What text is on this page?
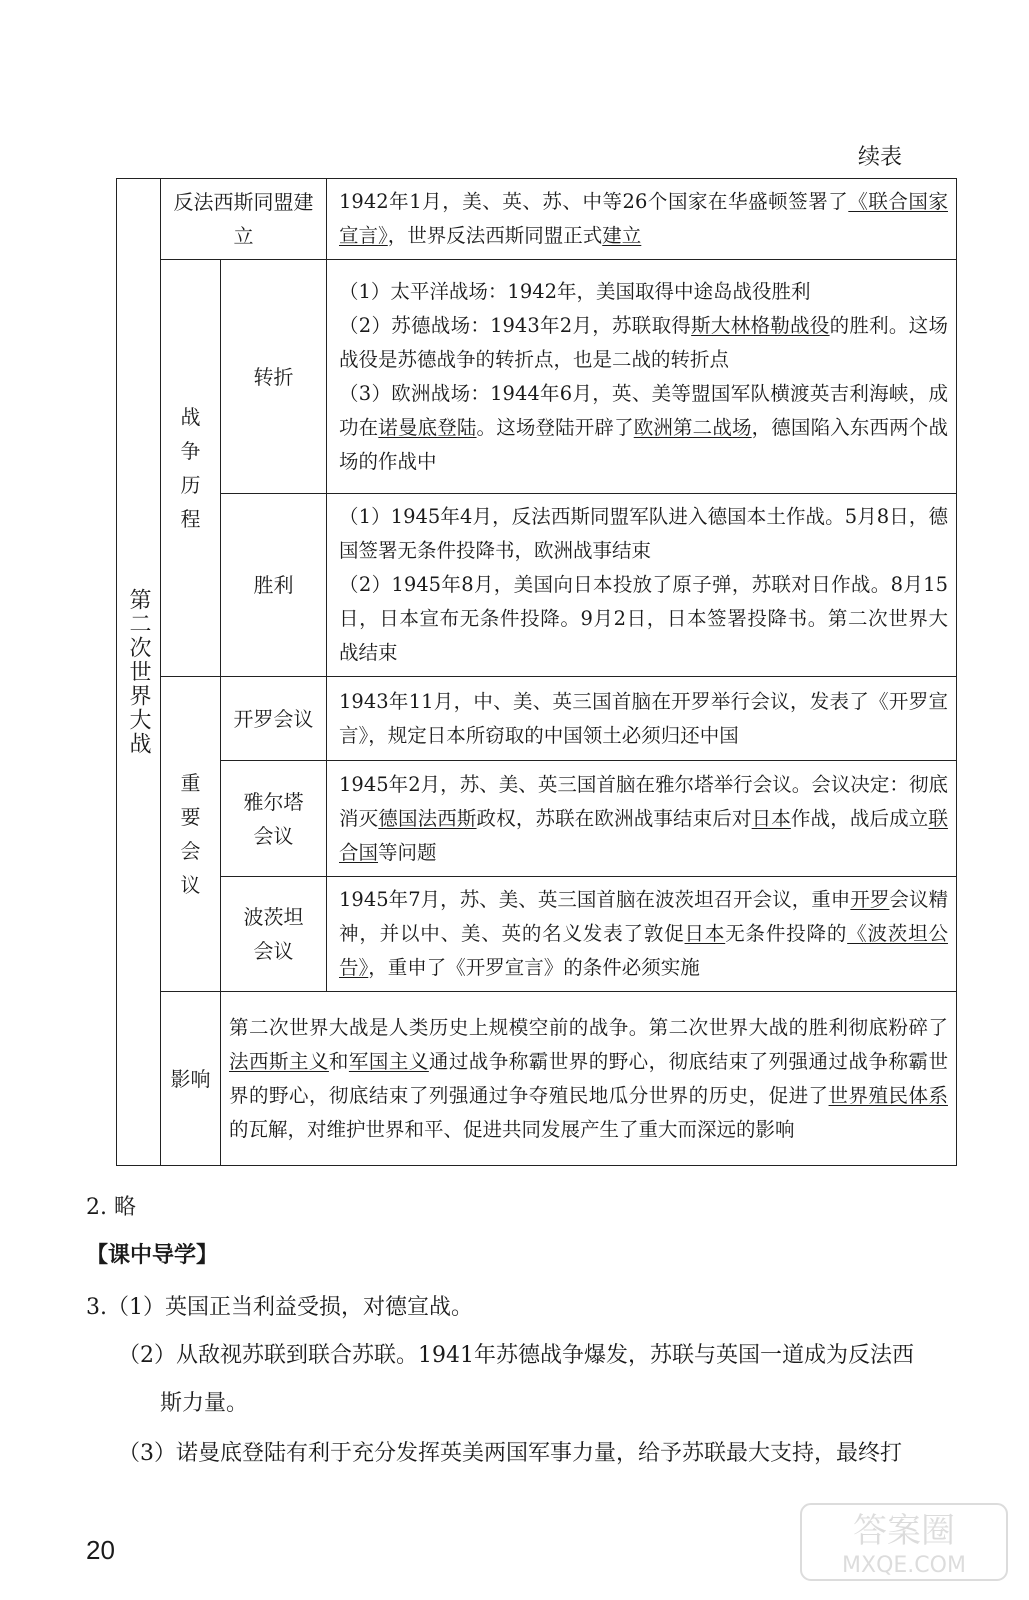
续表
第二次世界大战	反法西斯同盟建立		1942年1月，美、英、苏、中等26个国家在华盛顿签署了《联合国家宣言》，世界反法西斯同盟正式建立
	战争历程	转折	（1）太平洋战场：1942年，美国取得中途岛战役胜利

（2）苏德战场：1943年2月，苏联取得斯大林格勒战役的胜利。这场战役是苏德战争的转折点，也是二战的转折点

（3）欧洲战场：1944年6月，英、美等盟国军队横渡英吉利海峡，成功在诺曼底登陆。这场登陆开辟了欧洲第二战场，德国陷入东西两个战场的作战中

		胜利	（1）1945年4月，反法西斯同盟军队进入德国本土作战。5月8日，德国签署无条件投降书，欧洲战事结束

（2）1945年8月，美国向日本投放了原子弹，苏联对日作战。8月15日，日本宣布无条件投降。9月2日，日本签署投降书。第二次世界大战结束

	重要会议	开罗会议	1943年11月，中、美、英三国首脑在开罗举行会议，发表了《开罗宣言》，规定日本所窃取的中国领土必须归还中国
		雅尔塔会议	1945年2月，苏、美、英三国首脑在雅尔塔举行会议。会议决定：彻底消灭德国法西斯政权，苏联在欧洲战事结束后对日本作战，战后成立联合国等问题
		波茨坦会议	1945年7月，苏、美、英三国首脑在波茨坦召开会议，重申开罗会议精神，并以中、美、英的名义发表了敦促日本无条件投降的《波茨坦公告》，重申了《开罗宣言》的条件必须实施
	影响	第二次世界大战是人类历史上规模空前的战争。第二次世界大战的胜利彻底粉碎了法西斯主义和军国主义通过战争称霸世界的野心，彻底结束了列强通过战争称霸世界的野心，彻底结束了列强通过争夺殖民地瓜分世界的历史，促进了世界殖民体系的瓦解，对维护世界和平、促进共同发展产生了重大而深远的影响	
2. 略
【课中导学】
3.（1）英国正当利益受损，对德宣战。
（2）从敌视苏联到联合苏联。1941年苏德战争爆发，苏联与英国一道成为反法西
斯力量。
（3）诺曼底登陆有利于充分发挥英美两国军事力量，给予苏联最大支持，最终打
20	答案圈
MXQE.COM
